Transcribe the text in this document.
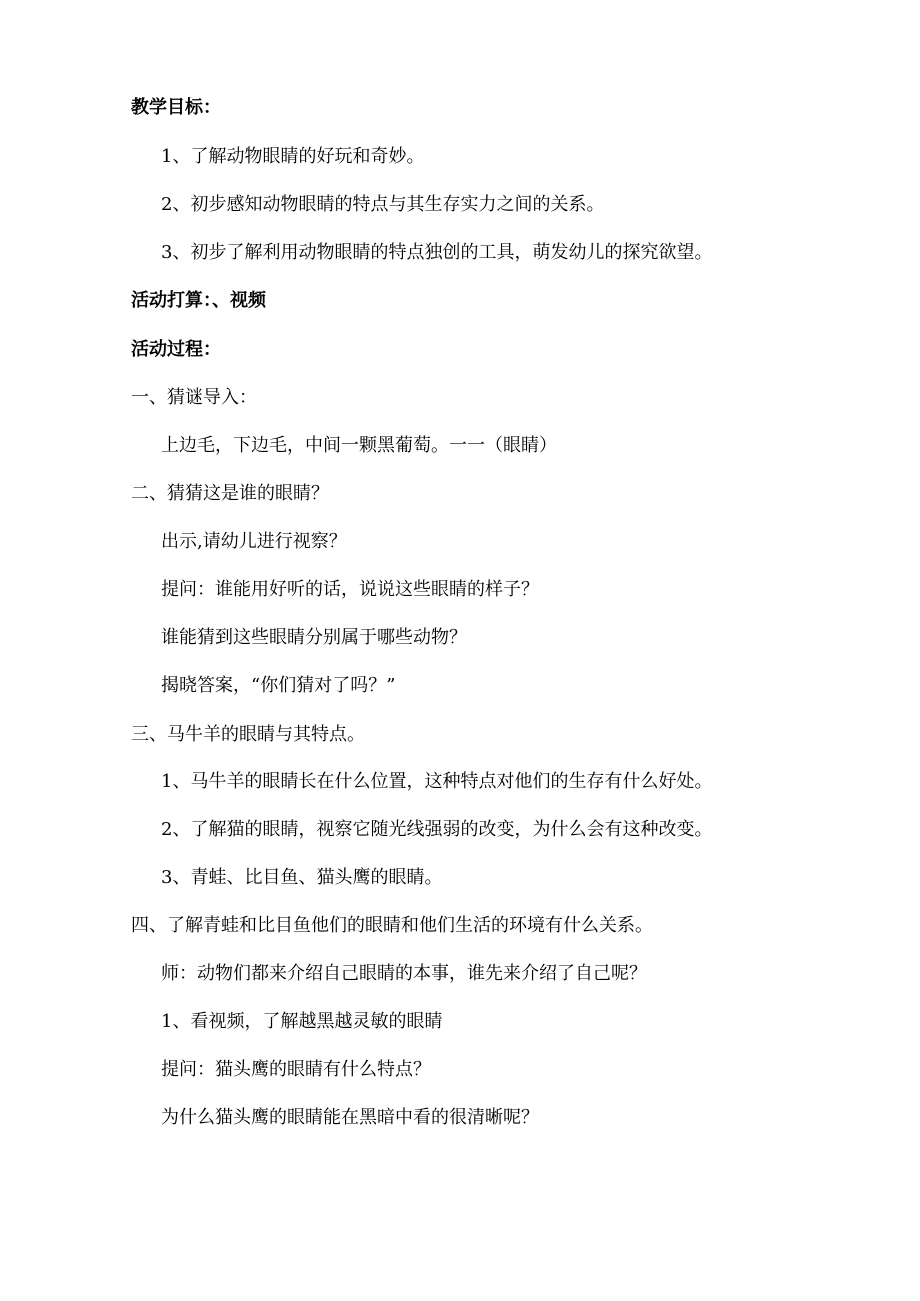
教学目标：
1、了解动物眼睛的好玩和奇妙。
2、初步感知动物眼睛的特点与其生存实力之间的关系。
3、初步了解利用动物眼睛的特点独创的工具，萌发幼儿的探究欲望。
活动打算：、视频
活动过程：
一、猜谜导入：
上边毛，下边毛，中间一颗黑葡萄。一一（眼睛）
二、猜猜这是谁的眼睛？
出示,请幼儿进行视察？
提问：谁能用好听的话，说说这些眼睛的样子？
谁能猜到这些眼睛分别属于哪些动物？
揭晓答案，“你们猜对了吗？”
三、马牛羊的眼睛与其特点。
1、马牛羊的眼睛长在什么位置，这种特点对他们的生存有什么好处。
2、了解猫的眼睛，视察它随光线强弱的改变，为什么会有这种改变。
3、青蛙、比目鱼、猫头鹰的眼睛。
四、了解青蛙和比目鱼他们的眼睛和他们生活的环境有什么关系。
师：动物们都来介绍自己眼睛的本事，谁先来介绍了自己呢？
1、看视频，了解越黑越灵敏的眼睛
提问：猫头鹰的眼睛有什么特点？
为什么猫头鹰的眼睛能在黑暗中看的很清晰呢？
